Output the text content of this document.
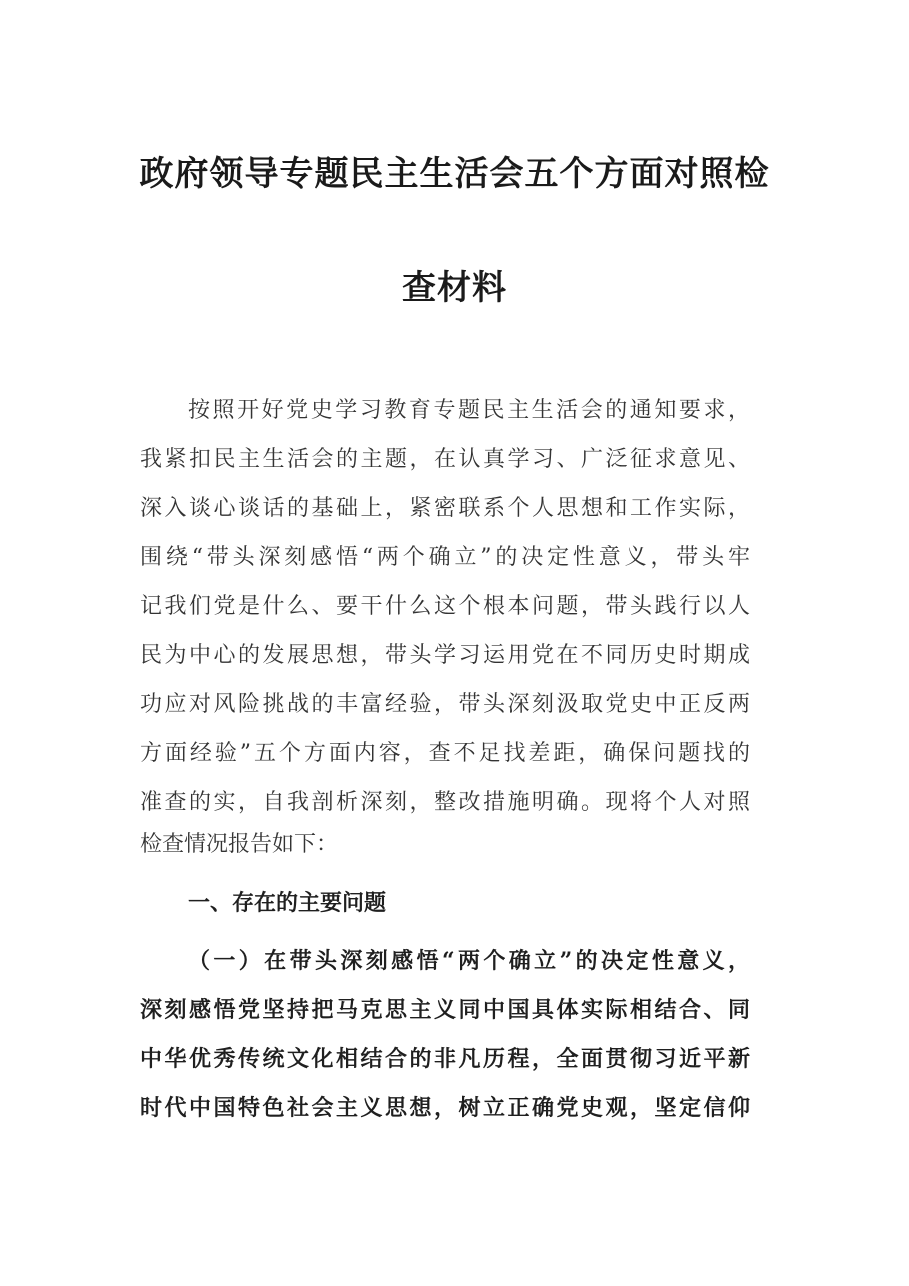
政府领导专题民主生活会五个方面对照检
查材料
按照开好党史学习教育专题民主生活会的通知要求，
我紧扣民主生活会的主题，在认真学习、广泛征求意见、
深入谈心谈话的基础上，紧密联系个人思想和工作实际，
围绕“带头深刻感悟“两个确立”的决定性意义，带头牢
记我们党是什么、要干什么这个根本问题，带头践行以人
民为中心的发展思想，带头学习运用党在不同历史时期成
功应对风险挑战的丰富经验，带头深刻汲取党史中正反两
方面经验”五个方面内容，查不足找差距，确保问题找的
准查的实，自我剖析深刻，整改措施明确。现将个人对照
检查情况报告如下：
一、存在的主要问题
（一）在带头深刻感悟“两个确立”的决定性意义，
深刻感悟党坚持把马克思主义同中国具体实际相结合、同
中华优秀传统文化相结合的非凡历程，全面贯彻习近平新
时代中国特色社会主义思想，树立正确党史观，坚定信仰
